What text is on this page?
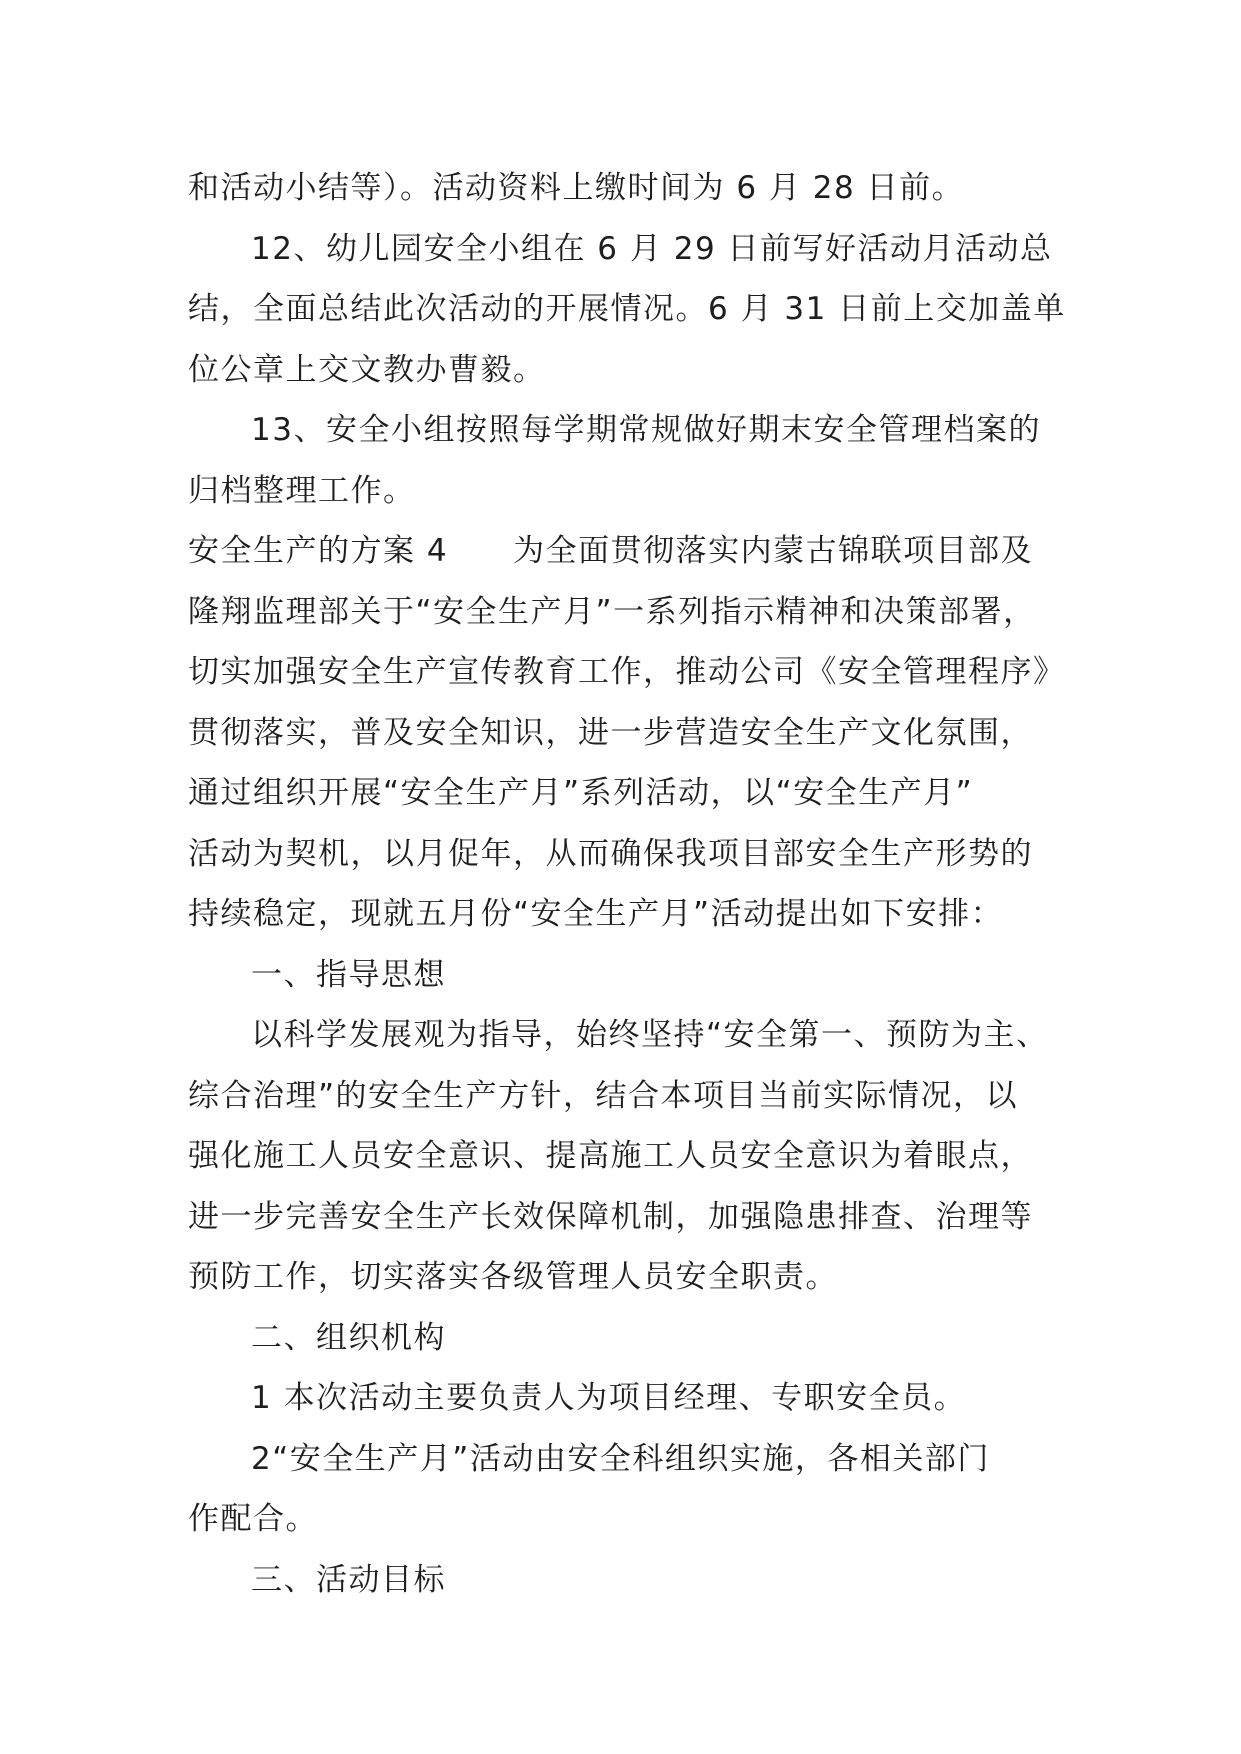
和活动小结等）。活动资料上缴时间为 6 月 28 日前。
12、幼儿园安全小组在 6 月 29 日前写好活动月活动总
结，全面总结此次活动的开展情况。6 月 31 日前上交加盖单
位公章上交文教办曹毅。
13、安全小组按照每学期常规做好期末安全管理档案的
归档整理工作。
安全生产的方案 4　　为全面贯彻落实内蒙古锦联项目部及
隆翔监理部关于“安全生产月”一系列指示精神和决策部署，
切实加强安全生产宣传教育工作，推动公司《安全管理程序》
贯彻落实，普及安全知识，进一步营造安全生产文化氛围，
通过组织开展“安全生产月”系列活动，以“安全生产月”
活动为契机，以月促年，从而确保我项目部安全生产形势的
持续稳定，现就五月份“安全生产月”活动提出如下安排：
一、指导思想
以科学发展观为指导，始终坚持“安全第一、预防为主、
综合治理”的安全生产方针，结合本项目当前实际情况，以
强化施工人员安全意识、提高施工人员安全意识为着眼点，
进一步完善安全生产长效保障机制，加强隐患排查、治理等
预防工作，切实落实各级管理人员安全职责。
二、组织机构
1 本次活动主要负责人为项目经理、专职安全员。
2“安全生产月”活动由安全科组织实施，各相关部门
作配合。
三、活动目标
